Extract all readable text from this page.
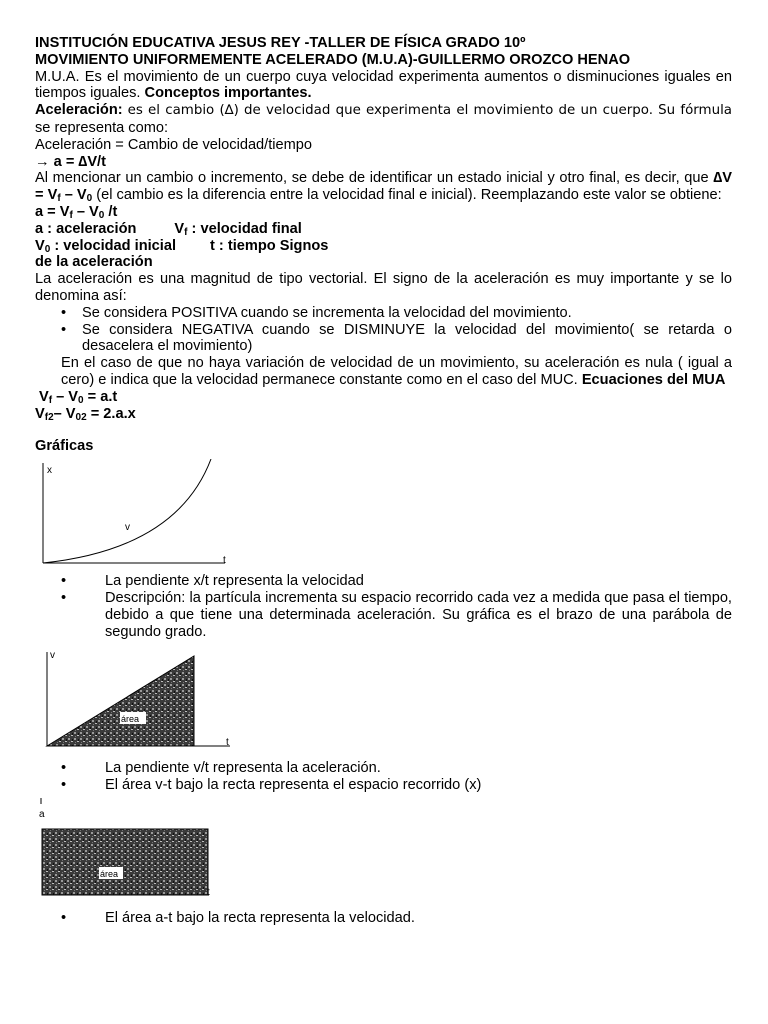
INSTITUCIÓN EDUCATIVA JESUS REY -TALLER DE FÍSICA GRADO 10º
MOVIMIENTO UNIFORMEMENTE ACELERADO (M.U.A)-GUILLERMO OROZCO HENAO
M.U.A. Es el movimiento de un cuerpo cuya velocidad experimenta aumentos o disminuciones iguales en tiempos iguales. Conceptos importantes.
Aceleración: es el cambio (∆) de velocidad que experimenta el movimiento de un cuerpo. Su fórmula se representa como:
Aceleración = Cambio de velocidad/tiempo
→ a = ∆V/t
Al mencionar un cambio o incremento, se debe de identificar un estado inicial y otro final, es decir, que $\Delta V = V_f - V_0$ (el cambio es la diferencia entre la velocidad final e inicial). Reemplazando este valor se obtiene:
$a = V_f - V_0$ /t
a : aceleración	$V_f$ : velocidad final
$V_0$ : velocidad inicial t : tiempo Signos
de la aceleración
La aceleración es una magnitud de tipo vectorial. El signo de la aceleración es muy importante y se lo denomina así:
• Se considera POSITIVA cuando se incrementa la velocidad del movimiento.
• Se considera NEGATIVA cuando se DISMINUYE la velocidad del movimiento( se retarda o desacelera el movimiento)
En el caso de que no haya variación de velocidad de un movimiento, su aceleración es nula ( igual a cero) e indica que la velocidad permanece constante como en el caso del MUC. Ecuaciones del MUA
$V_f - V_0 = a.t$
$V_{f2}-$ $V_{02} = 2.a.x$
Gráficas
x
t
v
•	La pendiente x/t representa la velocidad
•	Descripción: la partícula incrementa su espacio recorrido cada vez a medida que pasa el tiempo, debido a que tiene una determinada aceleración. Su gráfica es el brazo de una parábola de segundo grado.
v
t
a
área
•	La pendiente v/t representa la aceleración.
•	El área v-t bajo la recta representa el espacio recorrido (x)
a
área
t
•	El área a-t bajo la recta representa la velocidad.
